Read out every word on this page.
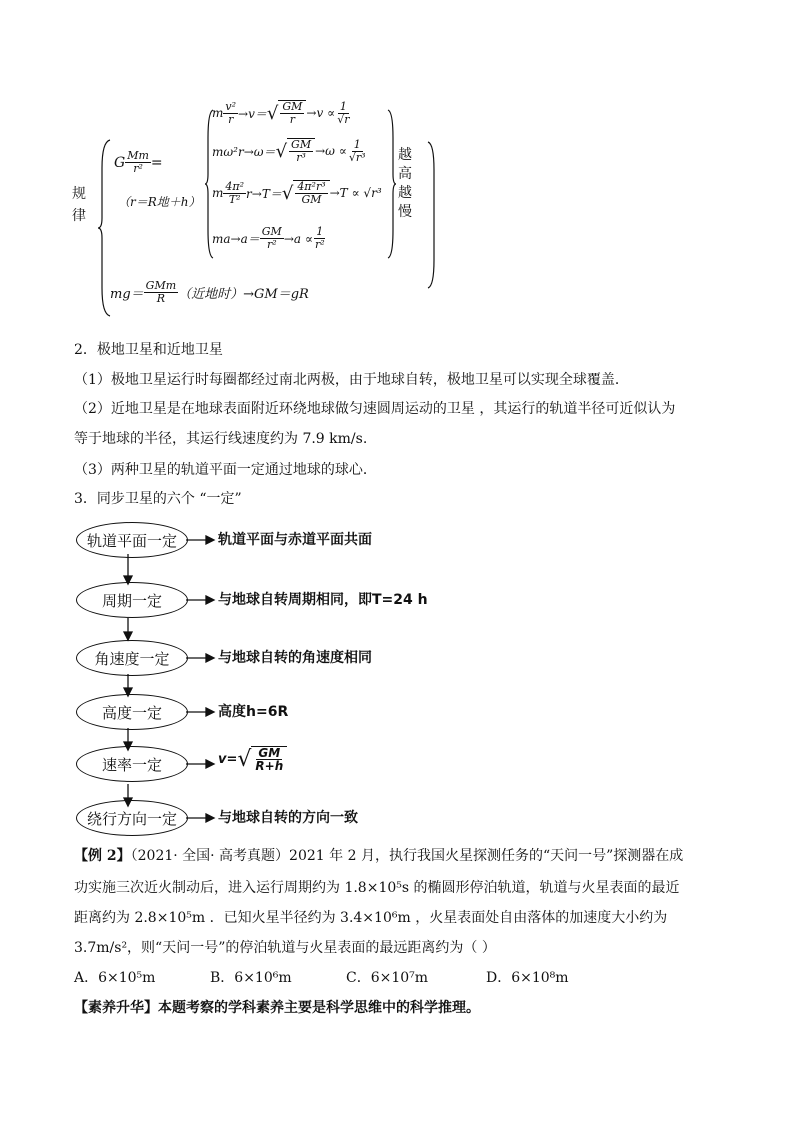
规
律
G $\frac{Mm}{\text{r²}}$ =
（r＝R地＋h）
m $\frac{\text{v²}}{r} \to v=$ √ $\frac{GM}{r} \to v \propto \frac{1}{√r}$
mω²r→ω＝ √ $\frac{GM}{\text{r³}} \to\omega \propto \frac{1}{\text{√r³}}$
m $\frac{\text{4π²}}{\text{T²}} r\to T=$ √ $\frac{\text{4π²r³}}{GM} \to T \propto √r^3$
$ma\to a= \frac{GM}{\text{r²}} \to a \propto \frac{1}{\text{r²}}$
越
高
越
慢
$mg= \frac{\text{GMm}}{R}$ （近地时）→GM＝gR
2．极地卫星和近地卫星
（1）极地卫星运行时每圈都经过南北两极，由于地球自转，极地卫星可以实现全球覆盖．
（2）近地卫星是在地球表面附近环绕地球做匀速圆周运动的卫星 ，其运行的轨道半径可近似认为
等于地球的半径，其运行线速度约为 7.9 km/s.
（3）两种卫星的轨道平面一定通过地球的球心．
3．同步卫星的六个 “一定”
轨道平面一定
周期一定
角速度一定
高度一定
速率一定
绕行方向一定
轨道平面与赤道平面共面
与地球自转周期相同，即T=24 h
与地球自转的角速度相同
高度h=6R
v= √ $\frac{GM}{R+h}$
与地球自转的方向一致
【例 2】（2021· 全国· 高考真题）2021 年 2 月，执行我国火星探测任务的“天问一号”探测器在成
功实施三次近火制动后，进入运行周期约为 1.8×10⁵s 的椭圆形停泊轨道，轨道与火星表面的最近
距离约为 2.8×10⁵m ．已知火星半径约为 3.4×10⁶m ，火星表面处自由落体的加速度大小约为
3.7m/s²，则“天问一号”的停泊轨道与火星表面的最远距离约为（ ）
A．6×10⁵m	B．6×10⁶m	C．6×10⁷m	D．6×10⁸m
【素养升华】本题考察的学科素养主要是科学思维中的科学推理。
